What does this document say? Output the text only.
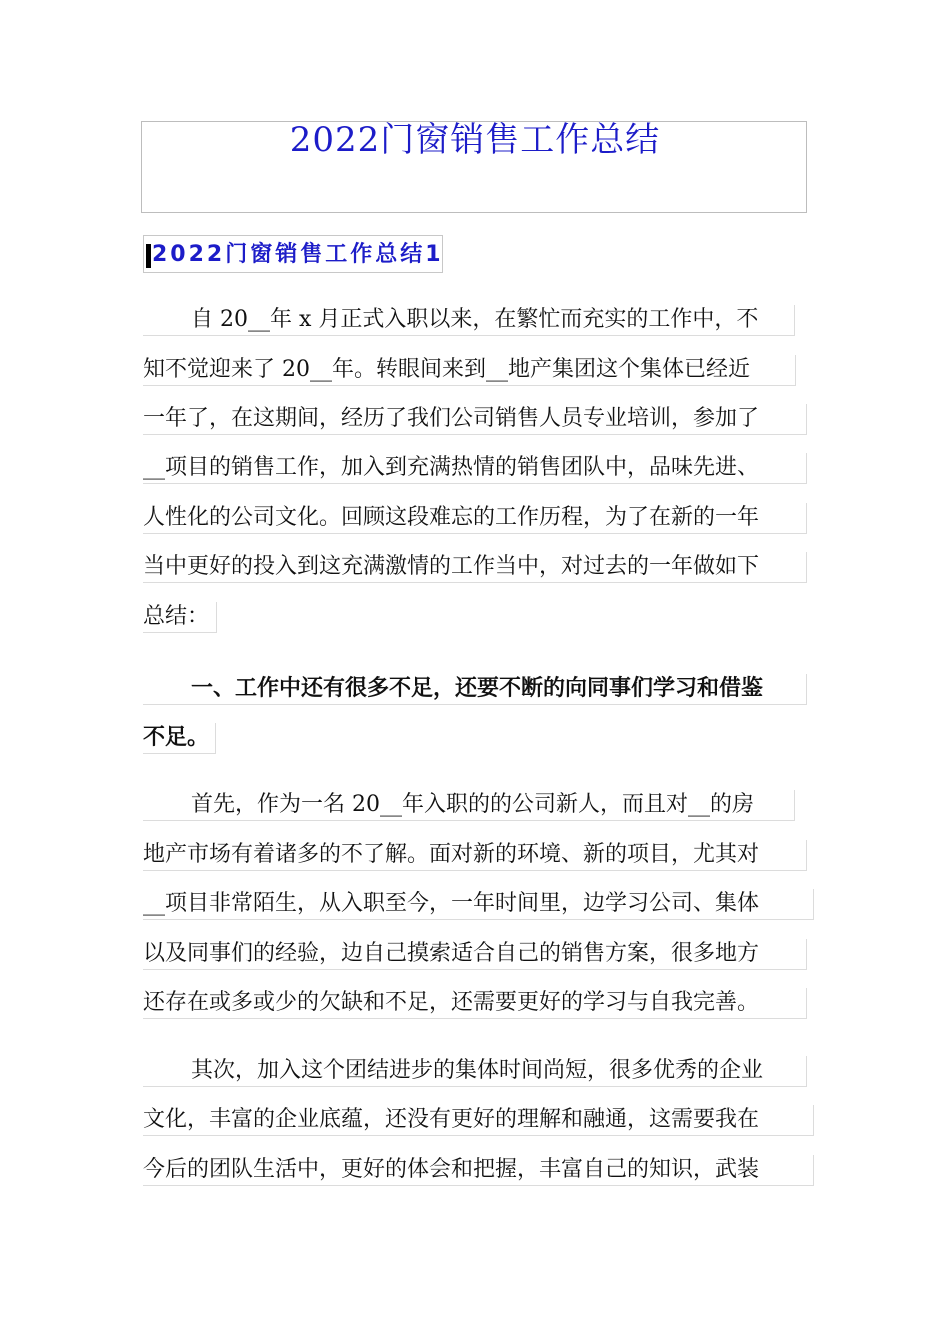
2022门窗销售工作总结
2022门窗销售工作总结1
自 20__年 x 月正式入职以来，在繁忙而充实的工作中，不
知不觉迎来了 20__年。转眼间来到__地产集团这个集体已经近
一年了，在这期间，经历了我们公司销售人员专业培训，参加了
__项目的销售工作，加入到充满热情的销售团队中，品味先进、
人性化的公司文化。回顾这段难忘的工作历程，为了在新的一年
当中更好的投入到这充满激情的工作当中，对过去的一年做如下
总结：
一、工作中还有很多不足，还要不断的向同事们学习和借鉴
不足。
首先，作为一名 20__年入职的的公司新人，而且对__的房
地产市场有着诸多的不了解。面对新的环境、新的项目，尤其对
__项目非常陌生，从入职至今，一年时间里，边学习公司、集体
以及同事们的经验，边自己摸索适合自己的销售方案，很多地方
还存在或多或少的欠缺和不足，还需要更好的学习与自我完善。
其次，加入这个团结进步的集体时间尚短，很多优秀的企业
文化，丰富的企业底蕴，还没有更好的理解和融通，这需要我在
今后的团队生活中，更好的体会和把握，丰富自己的知识，武装
